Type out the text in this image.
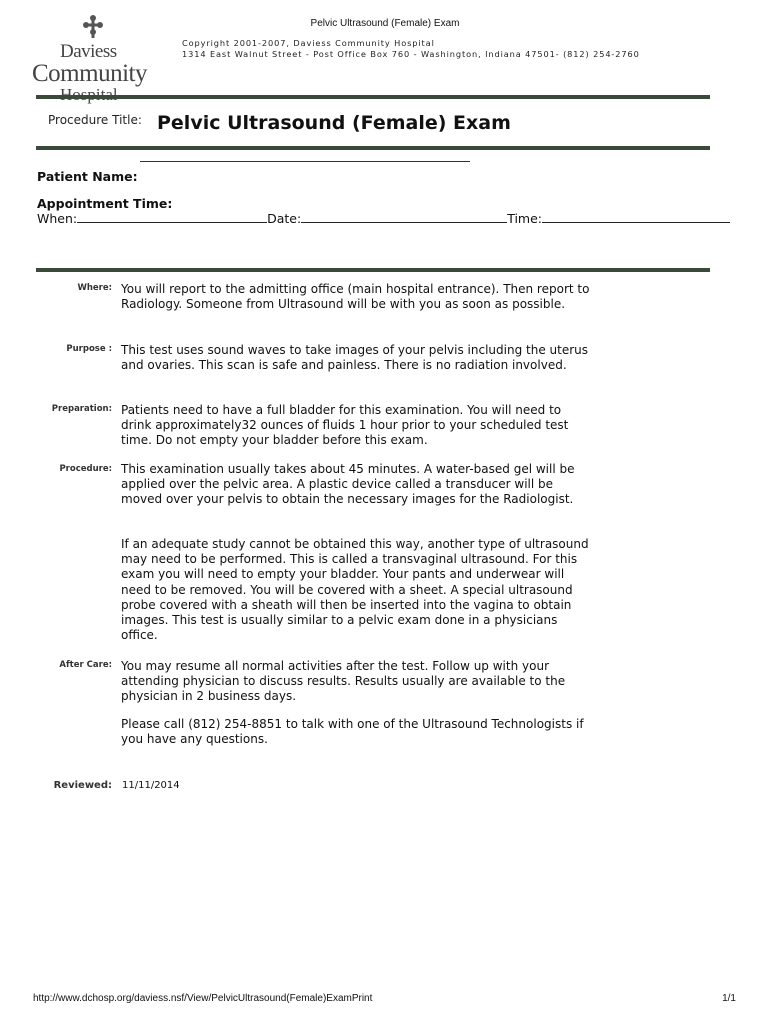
Pelvic Ultrasound (Female) Exam
Daviess
Community
Copyright 2001-2007, Daviess Community Hospital
1314 East Walnut Street - Post Office Box 760 - Washington, Indiana 47501- (812) 254-2760
Procedure Title: Pelvic Ultrasound (Female) Exam
Patient Name:
Appointment Time:
When:	Date:	Time:
Where: You will report to the admitting office (main hospital entrance). Then report to Radiology. Someone from Ultrasound will be with you as soon as possible.
Purpose : This test uses sound waves to take images of your pelvis including the uterus and ovaries. This scan is safe and painless. There is no radiation involved.
Preparation: Patients need to have a full bladder for this examination. You will need to drink approximately32 ounces of fluids 1 hour prior to your scheduled test time. Do not empty your bladder before this exam.
Procedure: This examination usually takes about 45 minutes. A water-based gel will be applied over the pelvic area. A plastic device called a transducer will be moved over your pelvis to obtain the necessary images for the Radiologist.
If an adequate study cannot be obtained this way, another type of ultrasound may need to be performed. This is called a transvaginal ultrasound. For this exam you will need to empty your bladder. Your pants and underwear will need to be removed. You will be covered with a sheet. A special ultrasound probe covered with a sheath will then be inserted into the vagina to obtain images. This test is usually similar to a pelvic exam done in a physicians office.
After Care: You may resume all normal activities after the test. Follow up with your attending physician to discuss results. Results usually are available to the physician in 2 business days.
Please call (812) 254-8851 to talk with one of the Ultrasound Technologists if you have any questions.
Reviewed: 11/11/2014
http://www.dchosp.org/daviess.nsf/View/PelvicUltrasound(Female)ExamPrint	1/1
